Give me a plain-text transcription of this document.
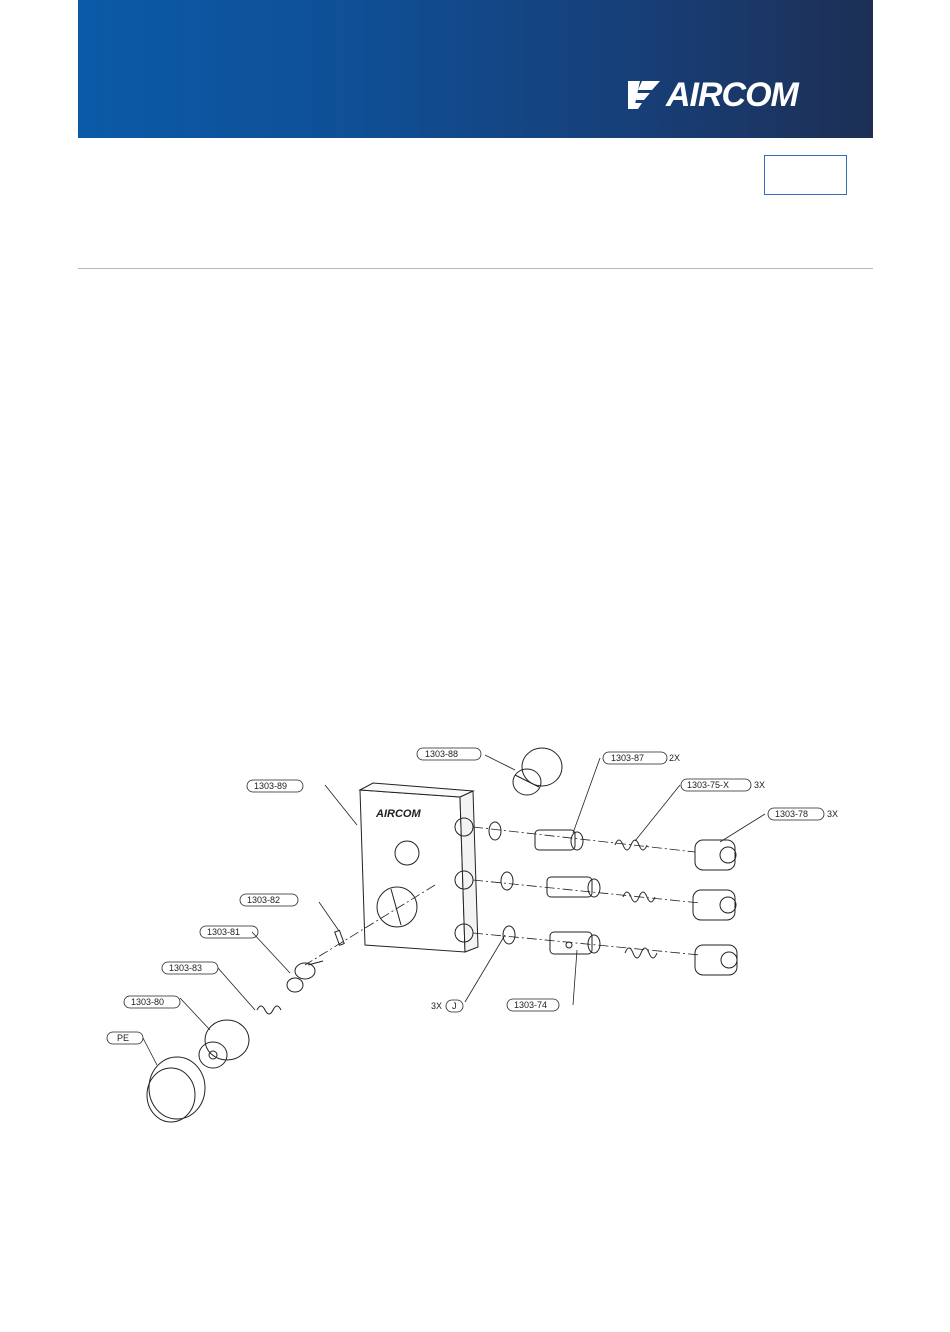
AIRCOM
AIRCOM
1303-88	1303-87	2X
1303-75-X	3X
1303-78 3X
1303-89
1303-82
1303-81
1303-83
1303-80
PE
3X J	1303-74
